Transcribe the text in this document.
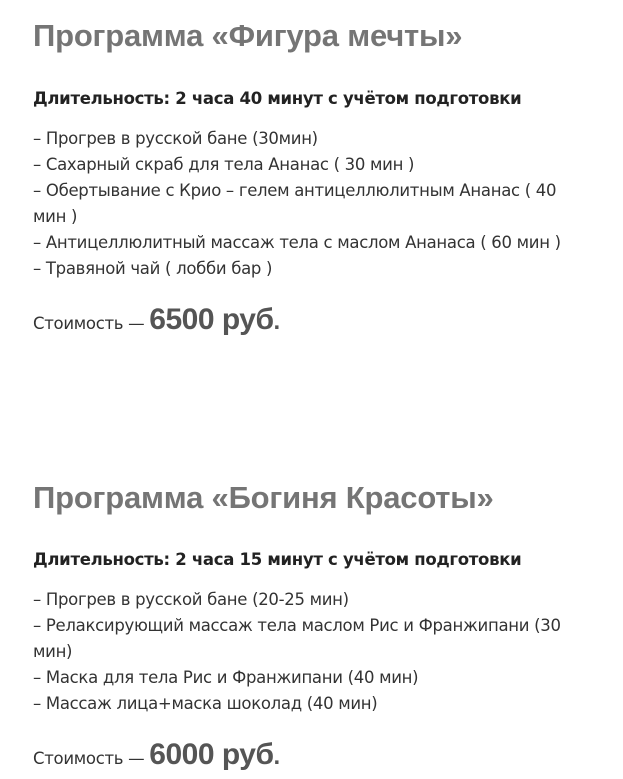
Программа «Фигура мечты»
Длительность: 2 часа 40 минут с учётом подготовки
– Прогрев в русской бане (30мин)
– Сахарный скраб для тела Ананас ( 30 мин )
– Обертывание с Крио – гелем антицеллюлитным Ананас ( 40 мин )
– Антицеллюлитный массаж тела с маслом Ананаса ( 60 мин )
– Травяной чай ( лобби бар )
Стоимость — 6500 руб.
Программа «Богиня Красоты»
Длительность: 2 часа 15 минут с учётом подготовки
– Прогрев в русской бане (20-25 мин)
– Релаксирующий массаж тела маслом Рис и Франжипани (30 мин)
– Маска для тела Рис и Франжипани (40 мин)
– Массаж лица+маска шоколад (40 мин)
Стоимость — 6000 руб.
